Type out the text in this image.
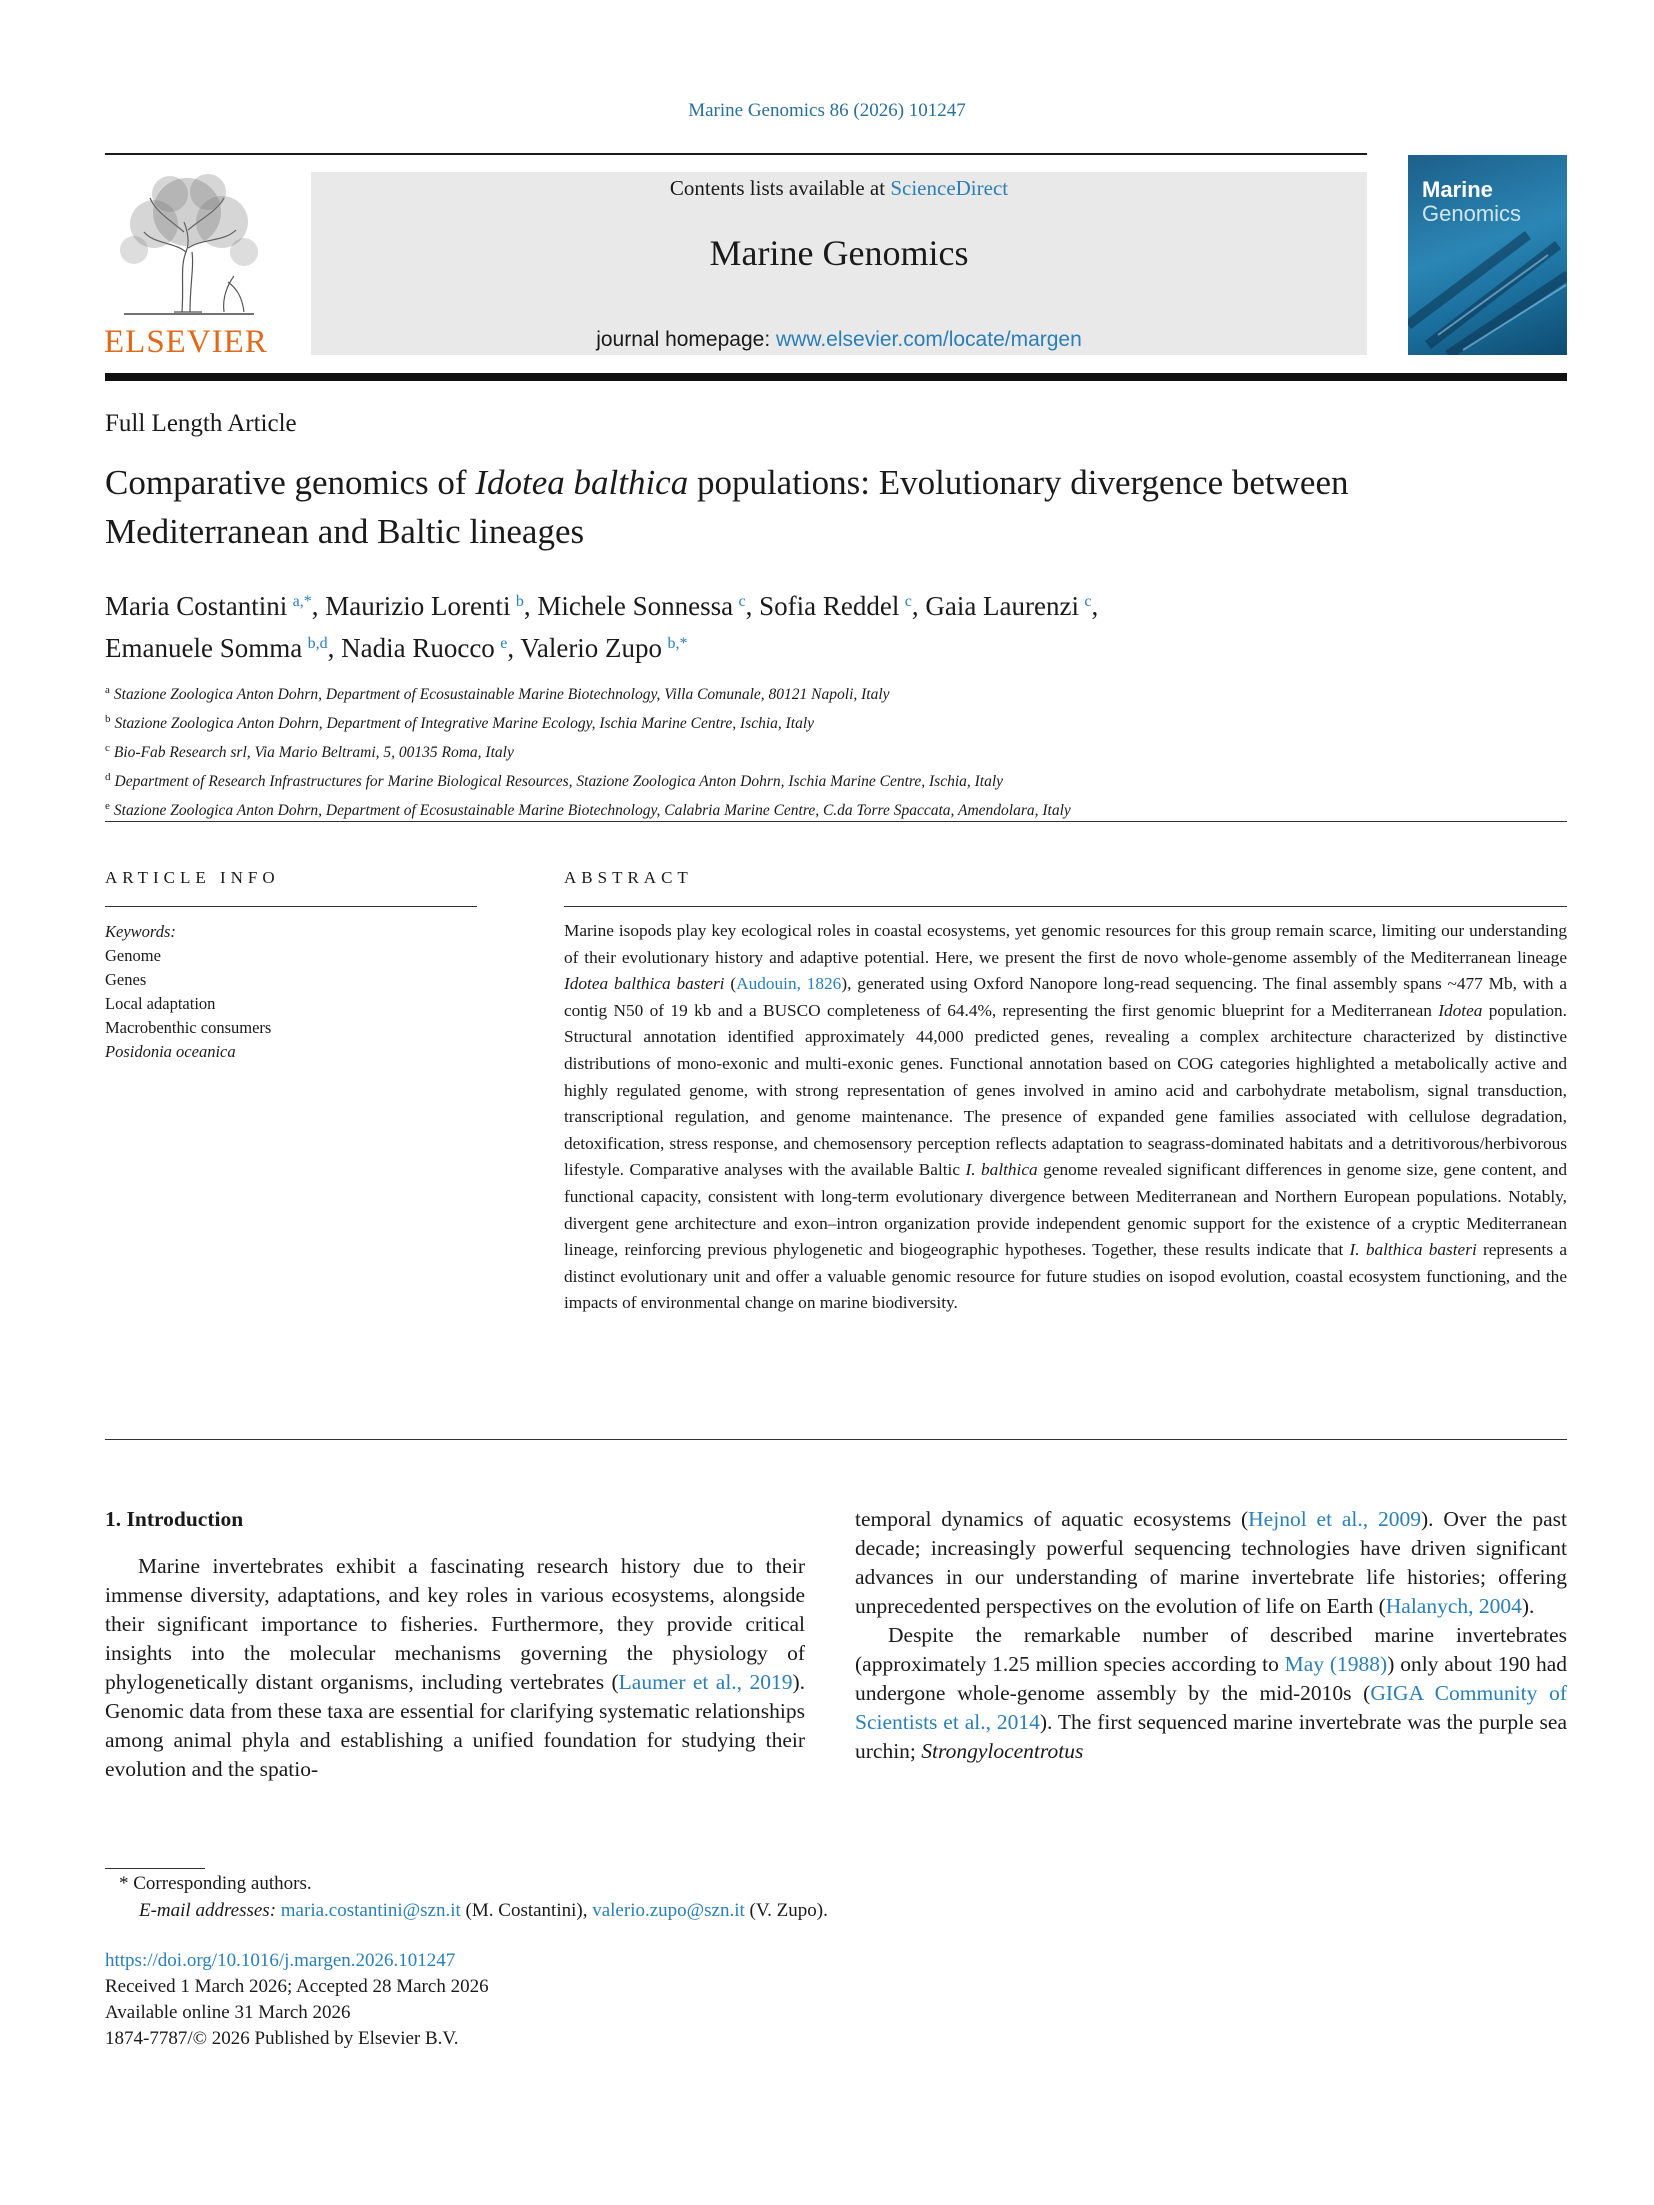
Marine Genomics 86 (2026) 101247
ELSEVIER
Contents lists available at ScienceDirect
Marine Genomics
journal homepage: www.elsevier.com/locate/margen
Marine
Genomics
Full Length Article
Comparative genomics of Idotea balthica populations: Evolutionary divergence between Mediterranean and Baltic lineages
Maria Costantini  $^{a,*}$, Maurizio Lorenti  $^b$, Michele Sonnessa  $^c$, Sofia Reddel  $^c$, Gaia Laurenzi  $^c$,
Emanuele Somma  $^{b,d}$, Nadia Ruocco  $^e$, Valerio Zupo  $^{b,*}$
$^a$ Stazione Zoologica Anton Dohrn, Department of Ecosustainable Marine Biotechnology, Villa Comunale, 80121 Napoli, Italy
$^b$ Stazione Zoologica Anton Dohrn, Department of Integrative Marine Ecology, Ischia Marine Centre, Ischia, Italy
$^c$ Bio-Fab Research srl, Via Mario Beltrami, 5, 00135 Roma, Italy
$^d$ Department of Research Infrastructures for Marine Biological Resources, Stazione Zoologica Anton Dohrn, Ischia Marine Centre, Ischia, Italy
$^e$ Stazione Zoologica Anton Dohrn, Department of Ecosustainable Marine Biotechnology, Calabria Marine Centre, C.da Torre Spaccata, Amendolara, Italy
ARTICLE INFO	ABSTRACT
Keywords:
Genome
Genes
Local adaptation
Macrobenthic consumers
Posidonia oceanica
Marine isopods play key ecological roles in coastal ecosystems, yet genomic resources for this group remain scarce, limiting our understanding of their evolutionary history and adaptive potential. Here, we present the first de novo whole-genome assembly of the Mediterranean lineage Idotea balthica basteri (Audouin, 1826), generated using Oxford Nanopore long-read sequencing. The final assembly spans ~477 Mb, with a contig N50 of 19 kb and a BUSCO completeness of 64.4%, representing the first genomic blueprint for a Mediterranean Idotea population. Structural annotation identified approximately 44,000 predicted genes, revealing a complex architecture characterized by distinctive distributions of mono-exonic and multi-exonic genes. Functional annotation based on COG categories highlighted a metabolically active and highly regulated genome, with strong representation of genes involved in amino acid and carbohydrate metabolism, signal transduction, transcriptional regulation, and genome maintenance. The presence of expanded gene families associated with cellulose degradation, detoxification, stress response, and chemosensory perception reflects adaptation to seagrass-dominated habitats and a detritivorous/herbivorous lifestyle. Comparative analyses with the available Baltic I. balthica genome revealed significant differences in genome size, gene content, and functional capacity, consistent with long-term evolutionary divergence between Mediterranean and Northern European populations. Notably, divergent gene architecture and exon–intron organization provide independent genomic support for the existence of a cryptic Mediterranean lineage, reinforcing previous phylogenetic and biogeographic hypotheses. Together, these results indicate that I. balthica basteri represents a distinct evolutionary unit and offer a valuable genomic resource for future studies on isopod evolution, coastal ecosystem functioning, and the impacts of environmental change on marine biodiversity.

1. Introduction

Marine invertebrates exhibit a fascinating research history due to their immense diversity, adaptations, and key roles in various ecosystems, alongside their significant importance to fisheries. Furthermore, they provide critical insights into the molecular mechanisms governing the physiology of phylogenetically distant organisms, including vertebrates (Laumer et al., 2019). Genomic data from these taxa are essential for clarifying systematic relationships among animal phyla and establishing a unified foundation for studying their evolution and the spatio-

temporal dynamics of aquatic ecosystems (Hejnol et al., 2009). Over the past decade; increasingly powerful sequencing technologies have driven significant advances in our understanding of marine invertebrate life histories; offering unprecedented perspectives on the evolution of life on Earth (Halanych, 2004).

Despite the remarkable number of described marine invertebrates (approximately 1.25 million species according to May (1988)) only about 190 had undergone whole-genome assembly by the mid-2010s (GIGA Community of Scientists et al., 2014). The first sequenced marine invertebrate was the purple sea urchin; Strongylocentrotus

* Corresponding authors.
E-mail addresses: maria.costantini@szn.it (M. Costantini), valerio.zupo@szn.it (V. Zupo).
https://doi.org/10.1016/j.margen.2026.101247
Received 1 March 2026; Accepted 28 March 2026
Available online 31 March 2026
1874-7787/© 2026 Published by Elsevier B.V.
